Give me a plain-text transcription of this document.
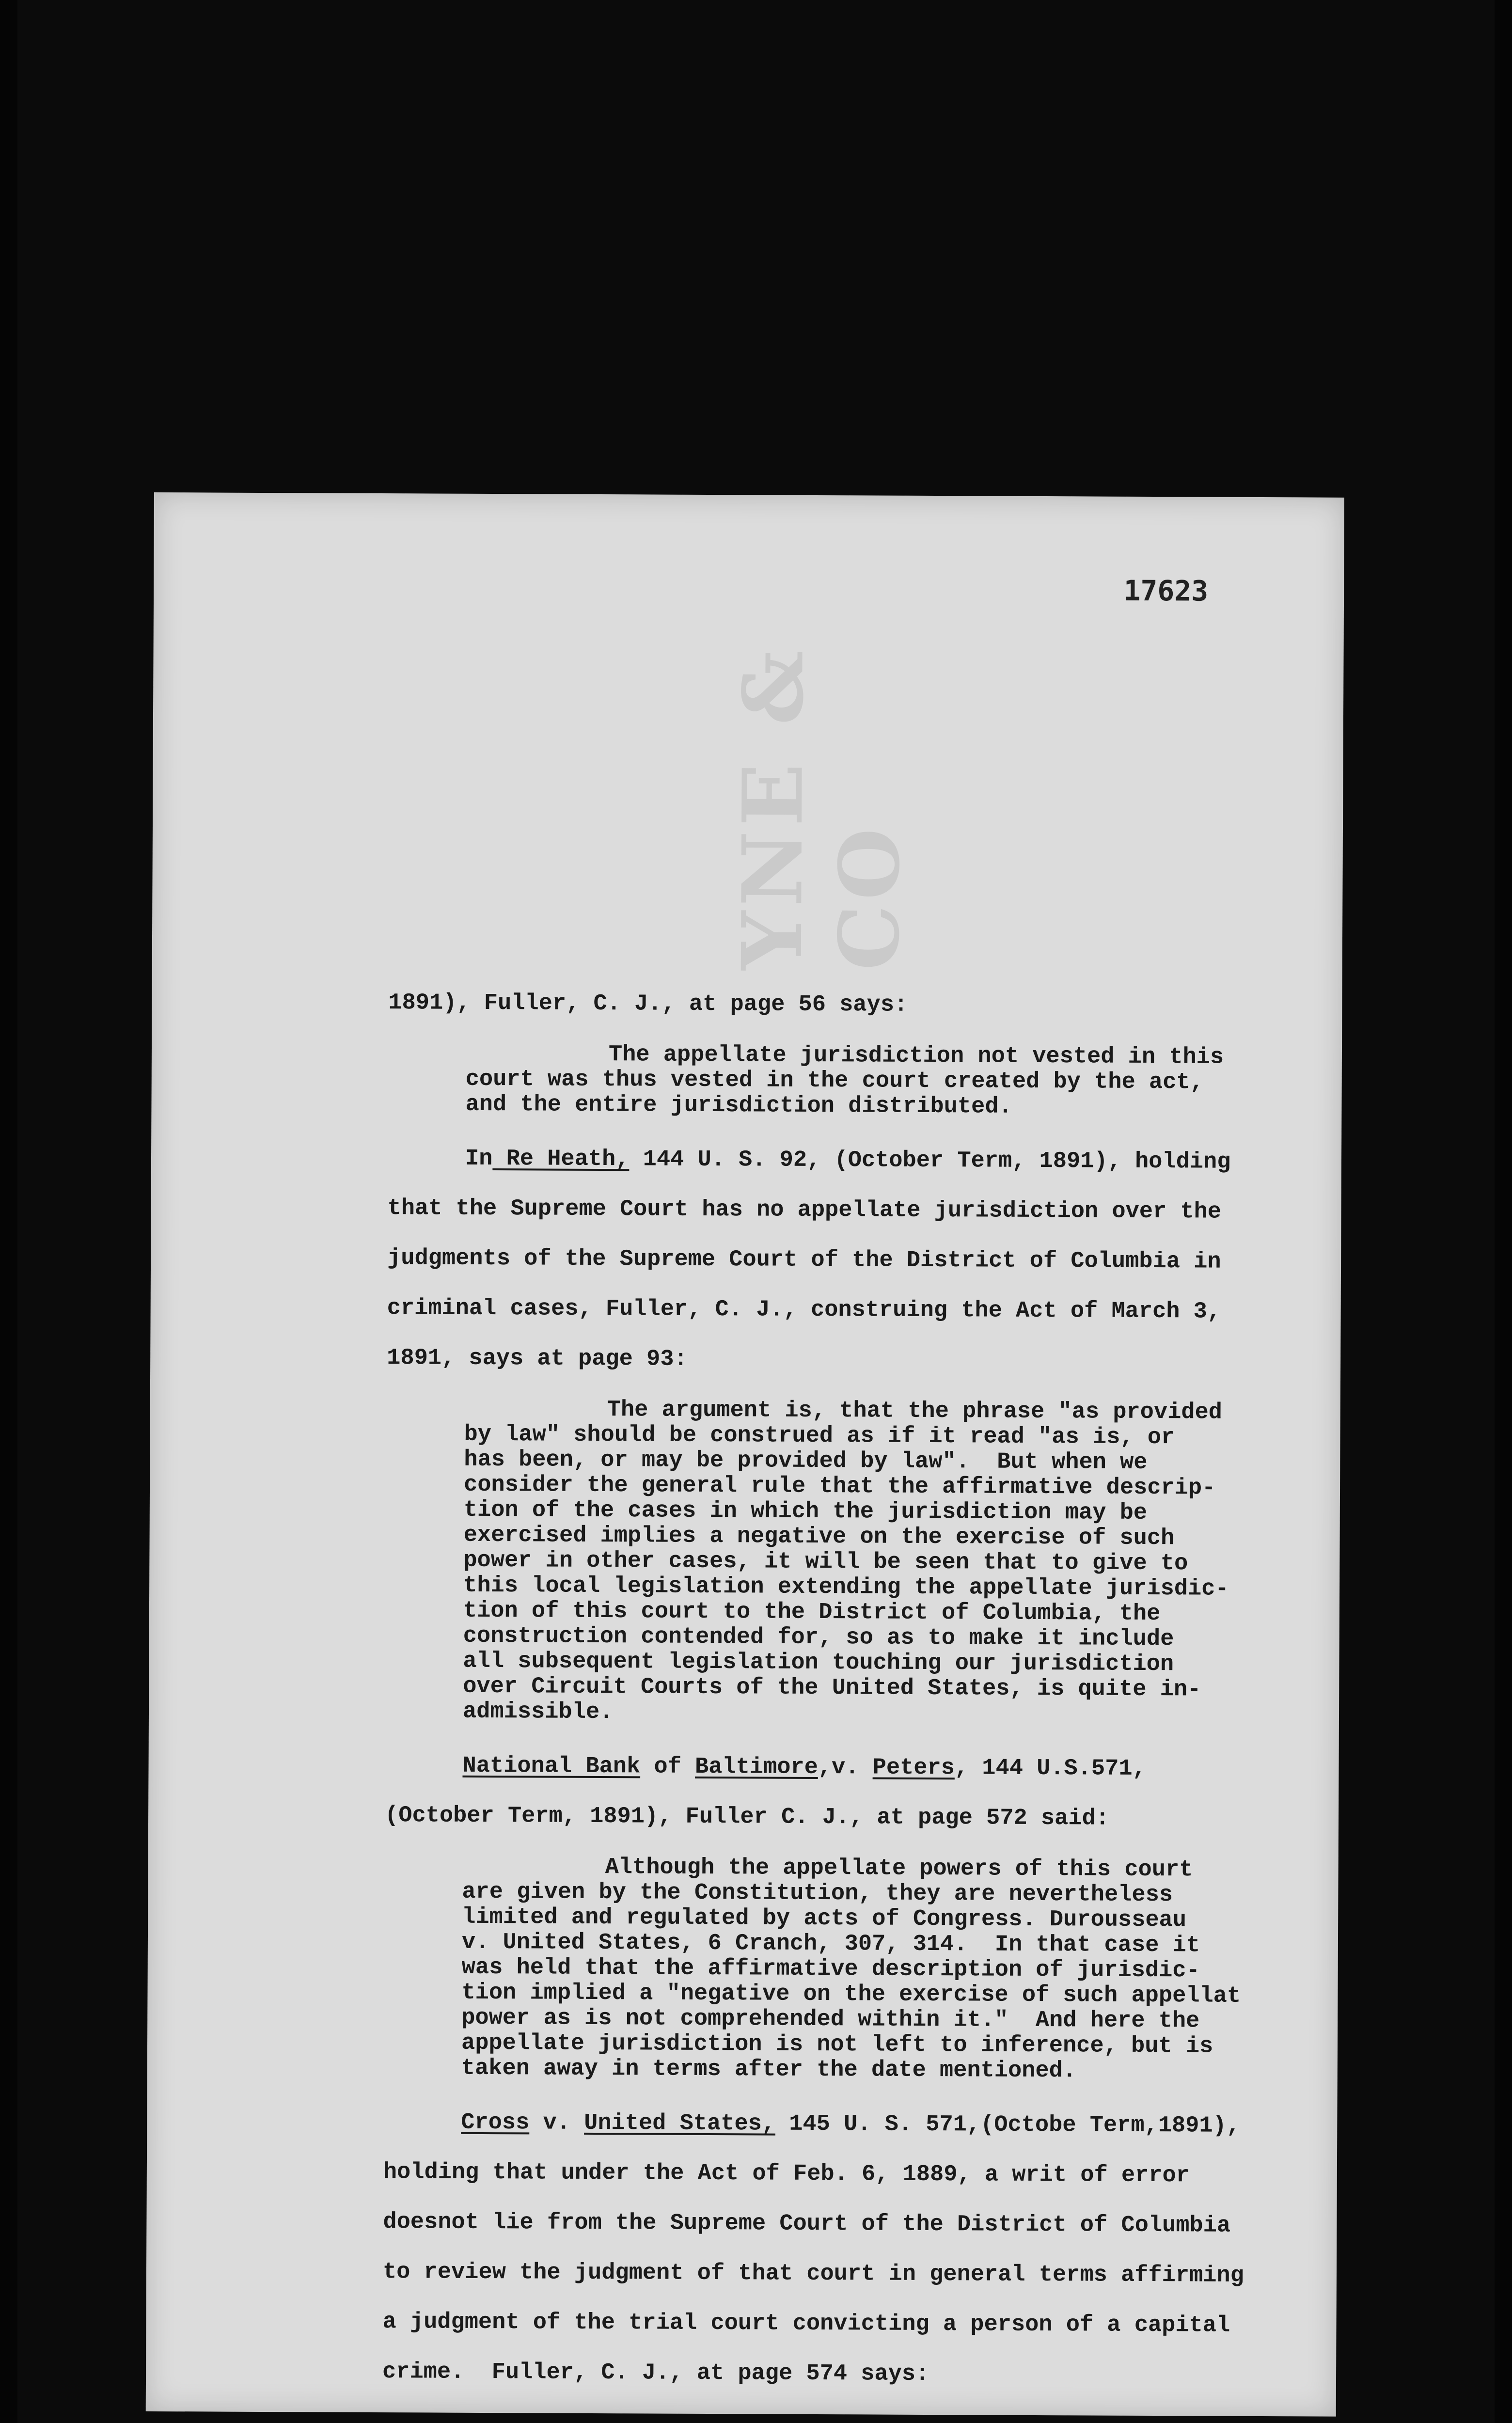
YNE & CO
17623

1891), Fuller, C. J., at page 56 says:

The appellate jurisdiction not vested in this

court was thus vested in the court created by the act,

and the entire jurisdiction distributed.

In Re Heath, 144 U. S. 92, (October Term, 1891), holding

that the Supreme Court has no appellate jurisdiction over the

judgments of the Supreme Court of the District of Columbia in

criminal cases, Fuller, C. J., construing the Act of March 3,

1891, says at page 93:

The argument is, that the phrase "as provided

by law" should be construed as if it read "as is, or

has been, or may be provided by law".  But when we

consider the general rule that the affirmative descrip-

tion of the cases in which the jurisdiction may be

exercised implies a negative on the exercise of such

power in other cases, it will be seen that to give to

this local legislation extending the appellate jurisdic-

tion of this court to the District of Columbia, the

construction contended for, so as to make it include

all subsequent legislation touching our jurisdiction

over Circuit Courts of the United States, is quite in-

admissible.

National Bank of Baltimore,v. Peters, 144 U.S.571,

(October Term, 1891), Fuller C. J., at page 572 said:

Although the appellate powers of this court

are given by the Constitution, they are nevertheless

limited and regulated by acts of Congress. Durousseau

v. United States, 6 Cranch, 307, 314.  In that case it

was held that the affirmative description of jurisdic-

tion implied a "negative on the exercise of such appellat

power as is not comprehended within it."  And here the

appellate jurisdiction is not left to inference, but is

taken away in terms after the date mentioned.

Cross v. United States, 145 U. S. 571,(Octobe Term,1891),

holding that under the Act of Feb. 6, 1889, a writ of error

doesnot lie from the Supreme Court of the District of Columbia

to review the judgment of that court in general terms affirming

a judgment of the trial court convicting a person of a capital

crime.  Fuller, C. J., at page 574 says:
